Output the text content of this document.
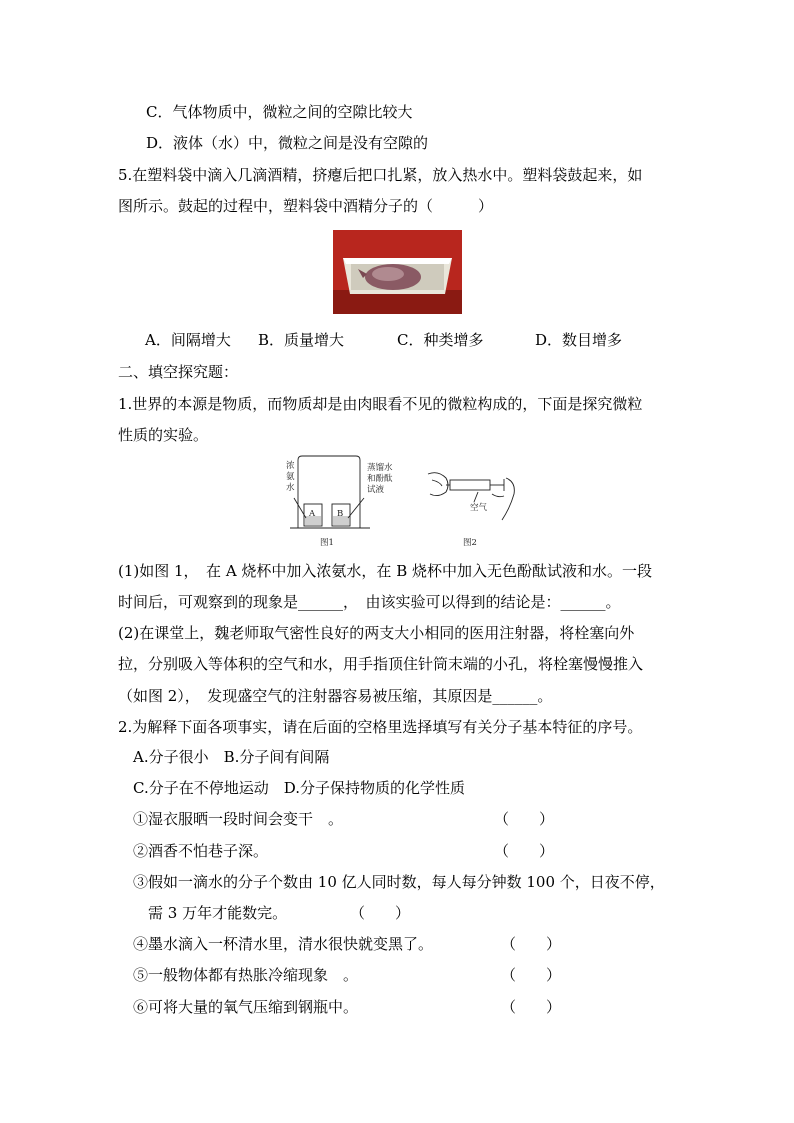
C．气体物质中，微粒之间的空隙比较大
D．液体（水）中，微粒之间是没有空隙的
5.在塑料袋中滴入几滴酒精，挤瘪后把口扎紧，放入热水中。塑料袋鼓起来，如
图所示。鼓起的过程中，塑料袋中酒精分子的（　　　）
A．间隔增大 B．质量增大	C．种类增多	D．数目增多
二、填空探究题：
1.世界的本源是物质，而物质却是由肉眼看不见的微粒构成的，下面是探究微粒
性质的实验。
浓
氨
水
蒸馏水
和酚酞
试液
A	B
图1	图2
空气
(1)如图 1，　在 A 烧杯中加入浓氨水，在 B 烧杯中加入无色酚酞试液和水。一段
时间后，可观察到的现象是______，　由该实验可以得到的结论是：______。
(2)在课堂上，魏老师取气密性良好的两支大小相同的医用注射器，将栓塞向外
拉，分别吸入等体积的空气和水，用手指顶住针筒末端的小孔，将栓塞慢慢推入
（如图 2），　发现盛空气的注射器容易被压缩，其原因是______。
2.为解释下面各项事实，请在后面的空格里选择填写有关分子基本特征的序号。
A.分子很小　B.分子间有间隔
C.分子在不停地运动　D.分子保持物质的化学性质
①湿衣服晒一段时间会变干　。	（　　）
②酒香不怕巷子深。	（　　）
③假如一滴水的分子个数由 10 亿人同时数，每人每分钟数 100 个，日夜不停，
需 3 万年才能数完。	（　　）
④墨水滴入一杯清水里，清水很快就变黑了。	（　　）
⑤一般物体都有热胀冷缩现象　。	（　　）
⑥可将大量的氧气压缩到钢瓶中。	（　　）
